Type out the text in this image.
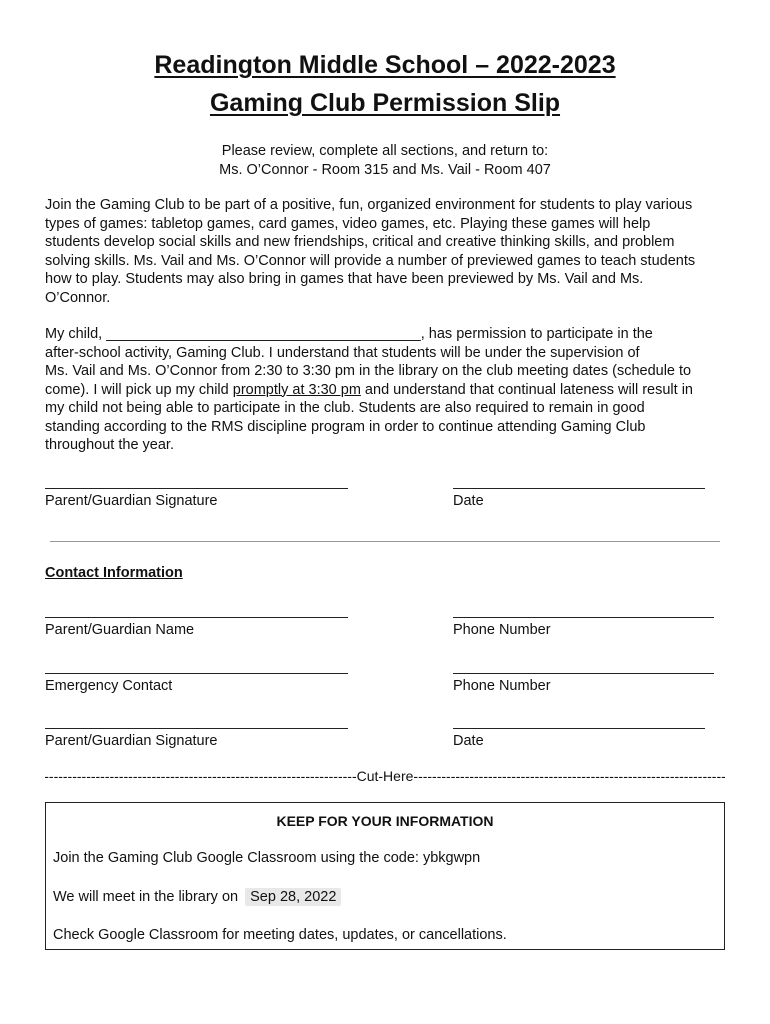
Readington Middle School – 2022-2023
Gaming Club Permission Slip
Please review, complete all sections, and return to:
Ms. O’Connor - Room 315 and Ms. Vail - Room 407
Join the Gaming Club to be part of a positive, fun, organized environment for students to play various
types of games: tabletop games, card games, video games, etc. Playing these games will help
students develop social skills and new friendships, critical and creative thinking skills, and problem
solving skills. Ms. Vail and Ms. O’Connor will provide a number of previewed games to teach students
how to play. Students may also bring in games that have been previewed by Ms. Vail and Ms.
O’Connor.
My child, _______________________________________, has permission to participate in the
after-school activity, Gaming Club. I understand that students will be under the supervision of
Ms. Vail and Ms. O’Connor from 2:30 to 3:30 pm in the library on the club meeting dates (schedule to
come). I will pick up my child promptly at 3:30 pm and understand that continual lateness will result in
my child not being able to participate in the club. Students are also required to remain in good
standing according to the RMS discipline program in order to continue attending Gaming Club
throughout the year.
Parent/Guardian Signature	Date
Contact Information
Parent/Guardian Name	Phone Number
Emergency Contact	Phone Number
Parent/Guardian Signature	Date
-----
Cut-Here
-----
KEEP FOR YOUR INFORMATION
Join the Gaming Club Google Classroom using the code: ybkgwpn
We will meet in the library on Sep 28, 2022
Check Google Classroom for meeting dates, updates, or cancellations.
